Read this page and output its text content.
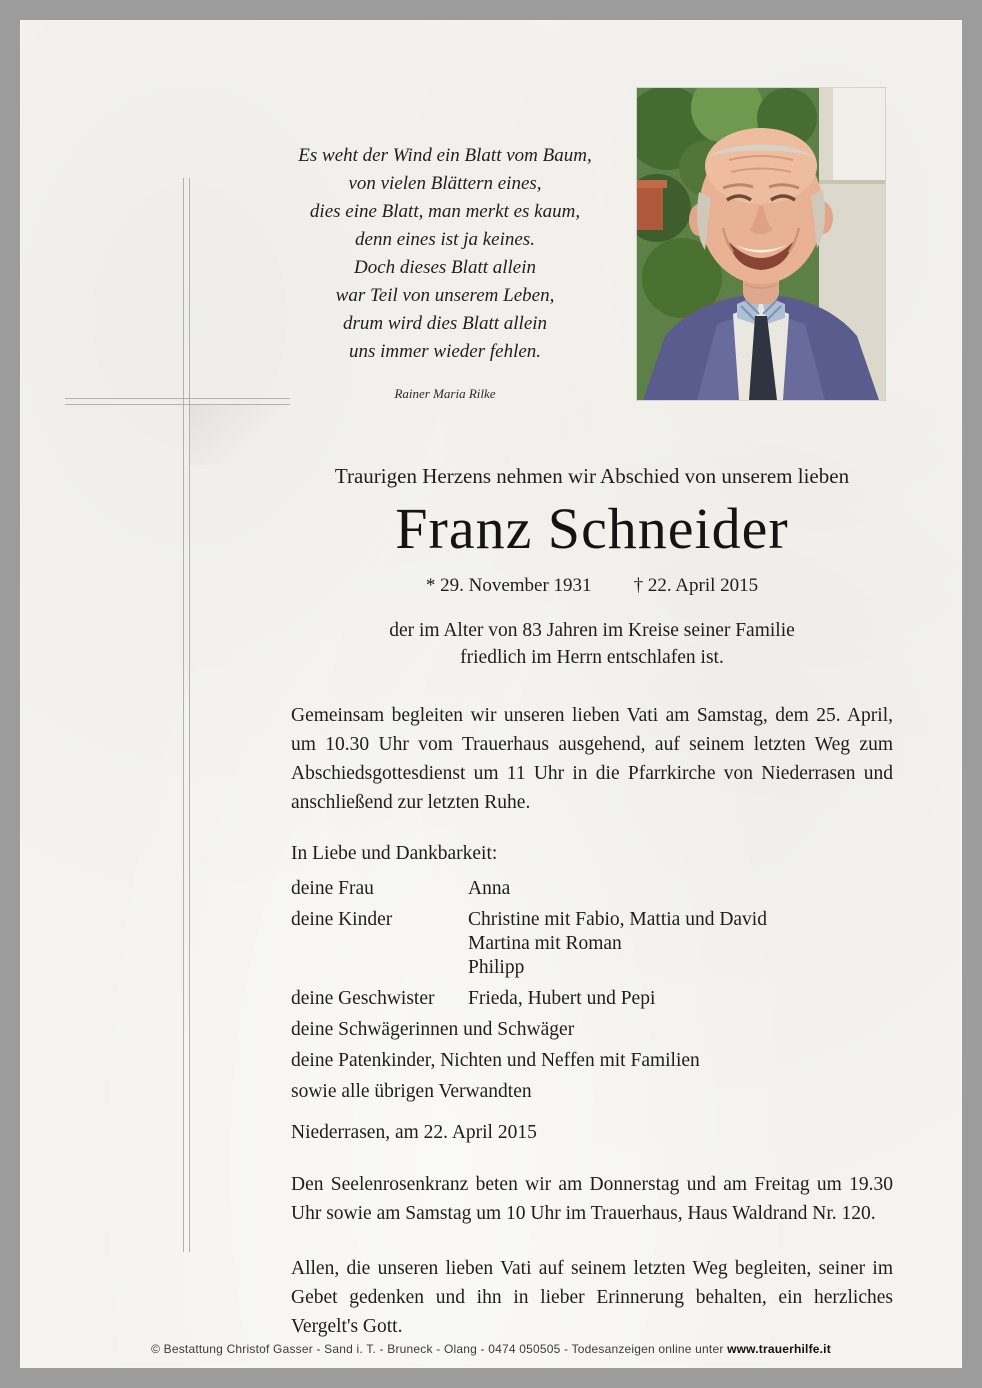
Es weht der Wind ein Blatt vom Baum,
von vielen Blättern eines,
dies eine Blatt, man merkt es kaum,
denn eines ist ja keines.
Doch dieses Blatt allein
war Teil von unserem Leben,
drum wird dies Blatt allein
uns immer wieder fehlen.
Rainer Maria Rilke

Traurigen Herzens nehmen wir Abschied von unserem lieben

Franz Schneider
* 29. November 1931 † 22. April 2015
der im Alter von 83 Jahren im Kreise seiner Familie
friedlich im Herrn entschlafen ist.

Gemeinsam begleiten wir unseren lieben Vati am Samstag, dem 25. April, um 10.30 Uhr vom Trauerhaus ausgehend, auf seinem letzten Weg zum Abschiedsgottesdienst um 11 Uhr in die Pfarrkirche von Niederrasen und anschließend zur letzten Ruhe.

In Liebe und Dankbarkeit:

deine Frau	Anna
deine Kinder	Christine mit Fabio, Mattia und David
Martina mit Roman
Philipp
deine Geschwister	Frieda, Hubert und Pepi
deine Schwägerinnen und Schwäger
deine Patenkinder, Nichten und Neffen mit Familien
sowie alle übrigen Verwandten

Niederrasen, am 22. April 2015

Den Seelenrosenkranz beten wir am Donnerstag und am Freitag um 19.30 Uhr sowie am Samstag um 10 Uhr im Trauerhaus, Haus Waldrand Nr. 120.

Allen, die unseren lieben Vati auf seinem letzten Weg begleiten, seiner im Gebet gedenken und ihn in lieber Erinnerung behalten, ein herzliches Vergelt's Gott.

© Bestattung Christof Gasser - Sand i. T. - Bruneck - Olang - 0474 050505 - Todesanzeigen online unter www.trauerhilfe.it
